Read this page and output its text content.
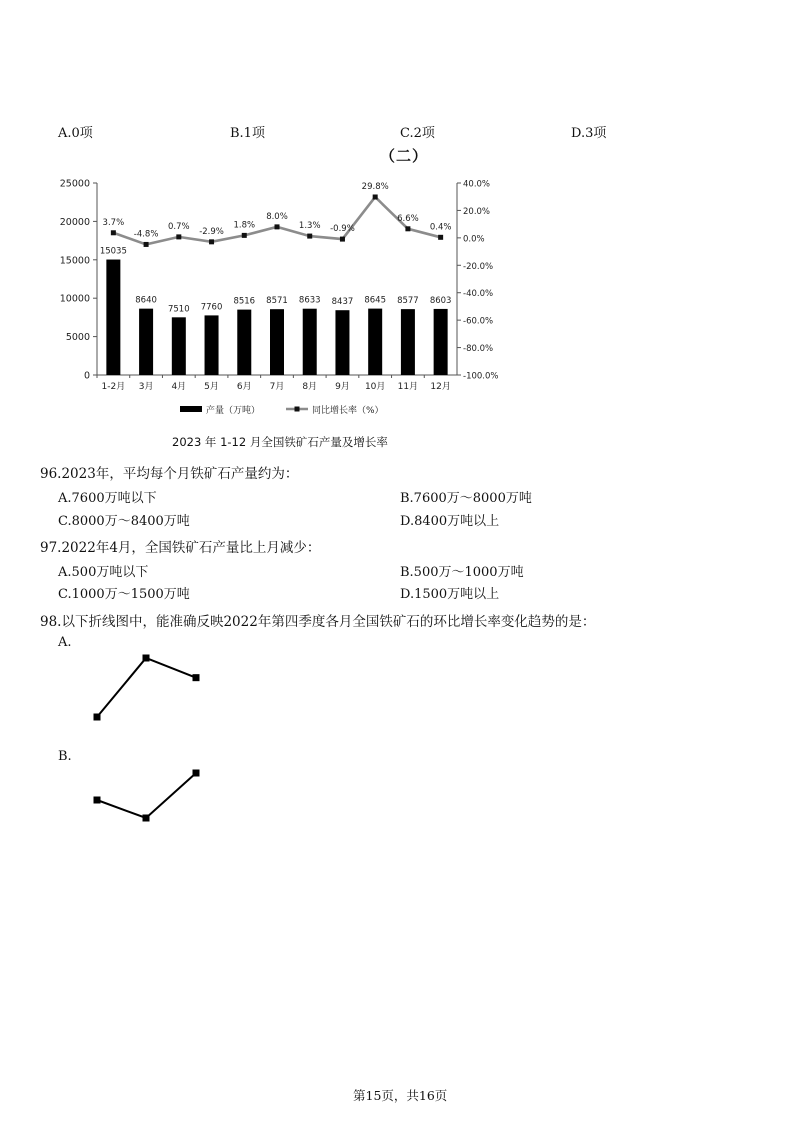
A.0项	B.1项	C.2项	D.3项
（二）
0
5000
10000
15000
20000
25000
-100.0%
-80.0%
-60.0%
-40.0%
-20.0%
0.0%
20.0%
40.0%
15035
8640
7510 7760
8516 8571 8633 8437 8645 8577 8603
1-2月 3月 4月 5月 6月 7月 8月 9月 10月 11月 12月
3.7%
-4.8%
0.7% -2.9%
1.8%
8.0%
1.3% -0.9%
29.8%
6.6%
0.4%
产量（万吨）	同比增长率（%）
2023 年 1-12 月全国铁矿石产量及增长率
96.2023年，平均每个月铁矿石产量约为：
A.7600万吨以下	B.7600万～8000万吨
C.8000万～8400万吨	D.8400万吨以上
97.2022年4月，全国铁矿石产量比上月减少：
A.500万吨以下	B.500万～1000万吨
C.1000万～1500万吨	D.1500万吨以上
98.以下折线图中，能准确反映2022年第四季度各月全国铁矿石的环比增长率变化趋势的是：
A.
B.
第15页，共16页
